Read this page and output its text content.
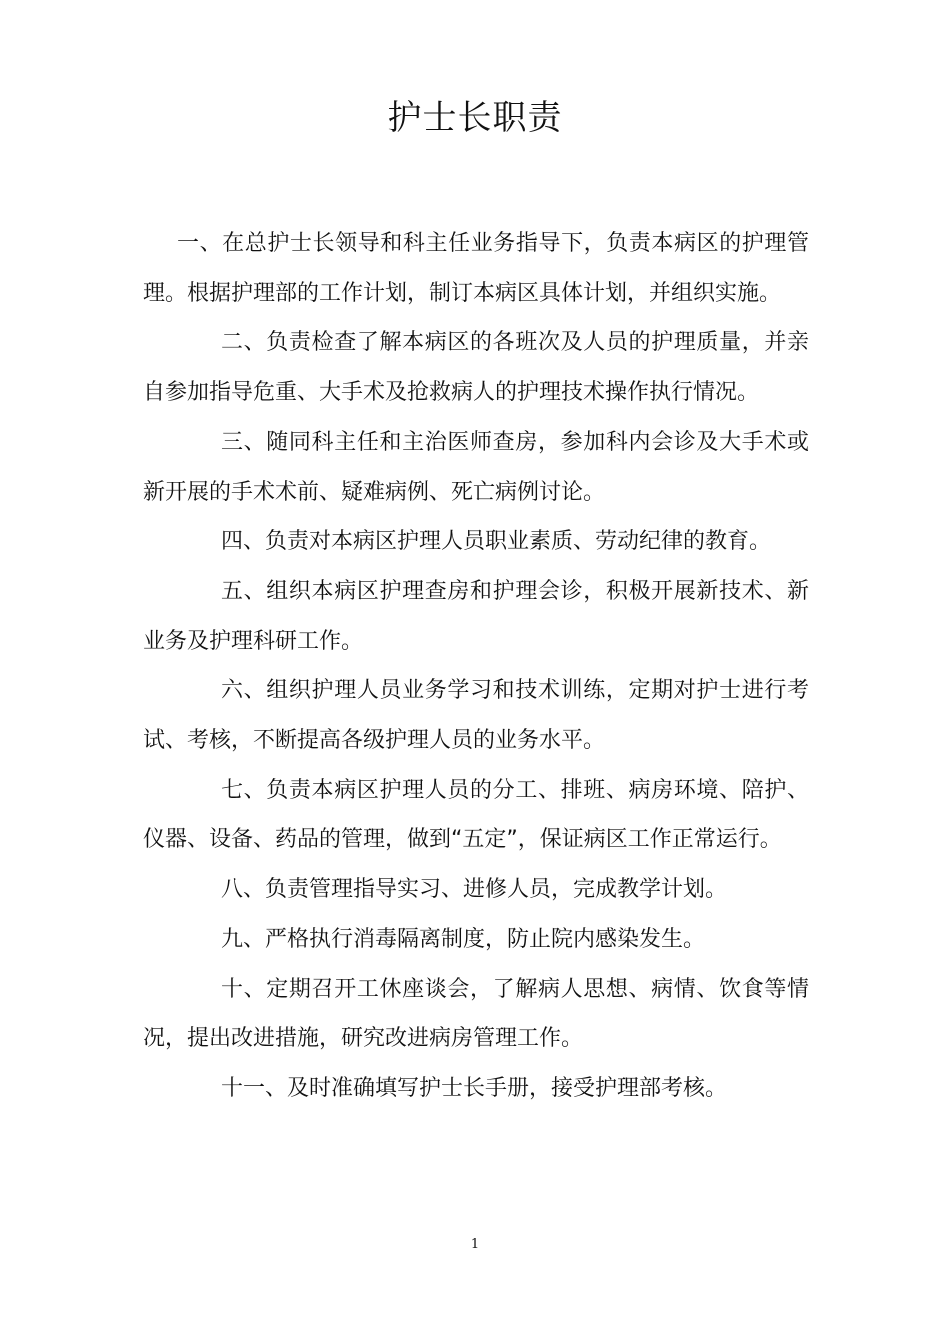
护士长职责

一、在总护士长领导和科主任业务指导下，负责本病区的护理管理。根据护理部的工作计划，制订本病区具体计划，并组织实施。

二、负责检查了解本病区的各班次及人员的护理质量，并亲自参加指导危重、大手术及抢救病人的护理技术操作执行情况。

三、随同科主任和主治医师查房，参加科内会诊及大手术或新开展的手术术前、疑难病例、死亡病例讨论。

四、负责对本病区护理人员职业素质、劳动纪律的教育。

五、组织本病区护理查房和护理会诊，积极开展新技术、新业务及护理科研工作。

六、组织护理人员业务学习和技术训练，定期对护士进行考试、考核，不断提高各级护理人员的业务水平。

七、负责本病区护理人员的分工、排班、病房环境、陪护、仪器、设备、药品的管理，做到“五定”，保证病区工作正常运行。

八、负责管理指导实习、进修人员，完成教学计划。

九、严格执行消毒隔离制度，防止院内感染发生。

十、定期召开工休座谈会，了解病人思想、病情、饮食等情况，提出改进措施，研究改进病房管理工作。

十一、及时准确填写护士长手册，接受护理部考核。

1
